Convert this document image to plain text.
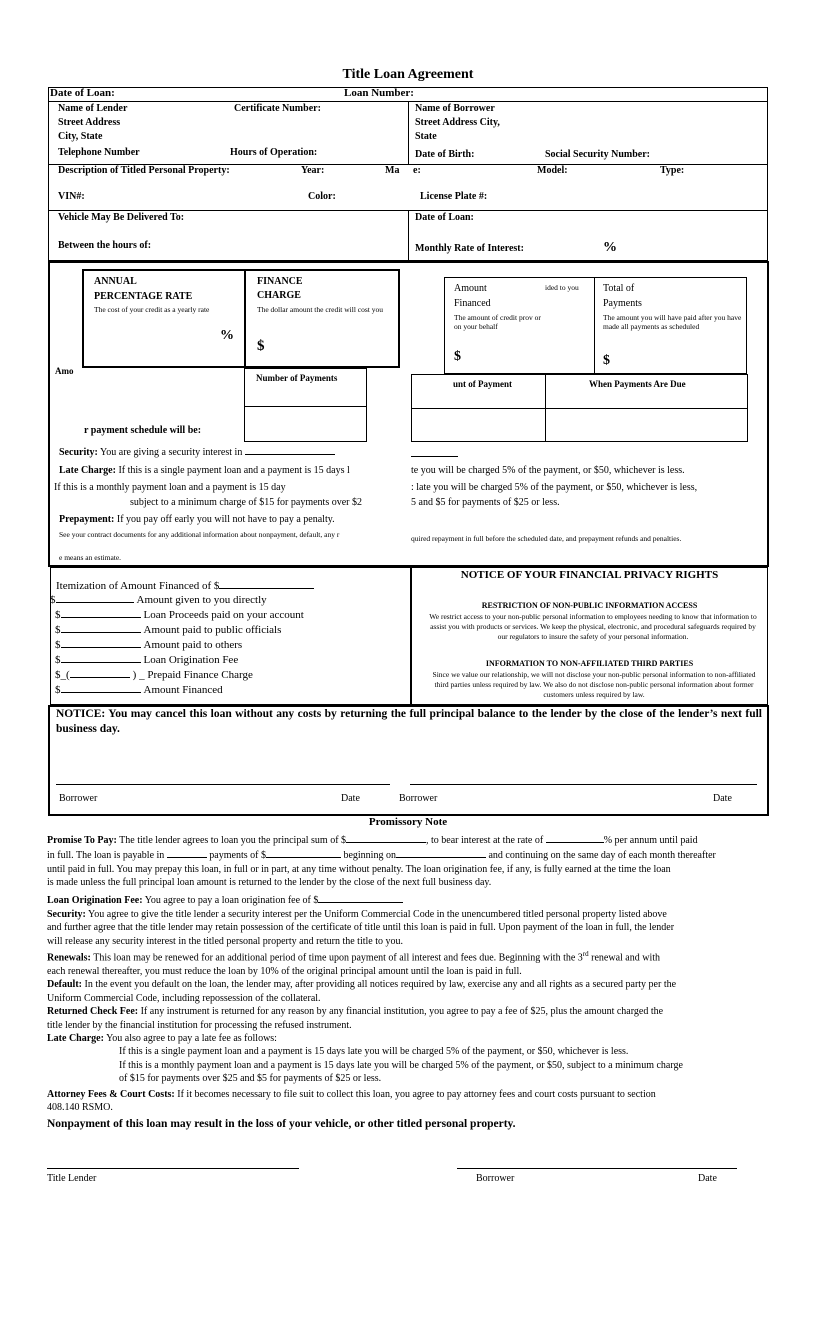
Title Loan Agreement
Date of Loan:	Loan Number:
Name of Lender
Street Address
City, State
Telephone Number
Certificate Number:
Hours of Operation:
Name of Borrower
Street Address City,
State
Date of Birth:	Social Security Number:
Description of Titled Personal Property:	Year:	Ma e:	Model:	Type:
VIN#:	Color:	License Plate #:
Vehicle May Be Delivered To:
Between the hours of:
Date of Loan:
Monthly Rate of Interest:	%
ANNUAL
PERCENTAGE RATE
The cost of your credit as a yearly rate
%
FINANCE
CHARGE
The dollar amount the credit will cost you
$
Amount	ided to you
Financed
The amount of credit prov or on your behalf
$
Total of
Payments
The amount you will have paid after you have made all payments as scheduled
$
Amo
Number of Payments
unt of Payment	When Payments Are Due
r payment schedule will be:
Security: You are giving a security interest in
Late Charge: If this is a single payment loan and a payment is 15 days l	te you will be charged 5% of the payment, or $50, whichever is less.
If this is a monthly payment loan and a payment is 15 day	: late you will be charged 5% of the payment, or $50, whichever is less,
subject to a minimum charge of $15 for payments over $2	5 and $5 for payments of $25 or less.
Prepayment: If you pay off early you will not have to pay a penalty.
See your contract documents for any additional information about nonpayment, default, any r	quired repayment in full before the scheduled date, and prepayment refunds and penalties.
e means an estimate.
Itemization of Amount Financed of $
$	Amount given to you directly
$	Loan Proceeds paid on your account
$	Amount paid to public officials
$	Amount paid to others
$	Loan Origination Fee
$_(	) _ Prepaid Finance Charge
$	Amount Financed
NOTICE OF YOUR FINANCIAL PRIVACY RIGHTS
RESTRICTION OF NON-PUBLIC INFORMATION ACCESS
We restrict access to your non-public personal information to employees needing to know that information to assist you with products or services. We keep the physical, electronic, and procedural safeguards required by our regulators to insure the safety of your personal information.
INFORMATION TO NON-AFFILIATED THIRD PARTIES
Since we value our relationship, we will not disclose your non-public personal information to non-affiliated third parties unless required by law. We also do not disclose non-public personal information about former customers unless required by law.
NOTICE: You may cancel this loan without any costs by returning the full principal balance to the lender by the close of the lender’s next full business day.
Borrower	Date	Borrower	Date
Promissory Note
Promise To Pay: The title lender agrees to loan you the principal sum of $	, to bear interest at the rate of	% per annum until paid
in full. The loan is payable in	payments of $	beginning on	and continuing on the same day of each month thereafter
until paid in full. You may prepay this loan, in full or in part, at any time without penalty. The loan origination fee, if any, is fully earned at the time the loan
is made unless the full principal loan amount is returned to the lender by the close of the next full business day.
Loan Origination Fee: You agree to pay a loan origination fee of $
Security: You agree to give the title lender a security interest per the Uniform Commercial Code in the unencumbered titled personal property listed above
and further agree that the title lender may retain possession of the certificate of title until this loan is paid in full. Upon payment of the loan in full, the lender
will release any security interest in the titled personal property and return the title to you.
Renewals: This loan may be renewed for an additional period of time upon payment of all interest and fees due. Beginning with the 3rd renewal and with
each renewal thereafter, you must reduce the loan by 10% of the original principal amount until the loan is paid in full.
Default: In the event you default on the loan, the lender may, after providing all notices required by law, exercise any and all rights as a secured party per the
Uniform Commercial Code, including repossession of the collateral.
Returned Check Fee: If any instrument is returned for any reason by any financial institution, you agree to pay a fee of $25, plus the amount charged the
title lender by the financial institution for processing the refused instrument.
Late Charge: You also agree to pay a late fee as follows:
If this is a single payment loan and a payment is 15 days late you will be charged 5% of the payment, or $50, whichever is less.
If this is a monthly payment loan and a payment is 15 days late you will be charged 5% of the payment, or $50, subject to a minimum charge
of $15 for payments over $25 and $5 for payments of $25 or less.
Attorney Fees & Court Costs: If it becomes necessary to file suit to collect this loan, you agree to pay attorney fees and court costs pursuant to section
408.140 RSMO.
Nonpayment of this loan may result in the loss of your vehicle, or other titled personal property.
Title Lender	Borrower	Date
